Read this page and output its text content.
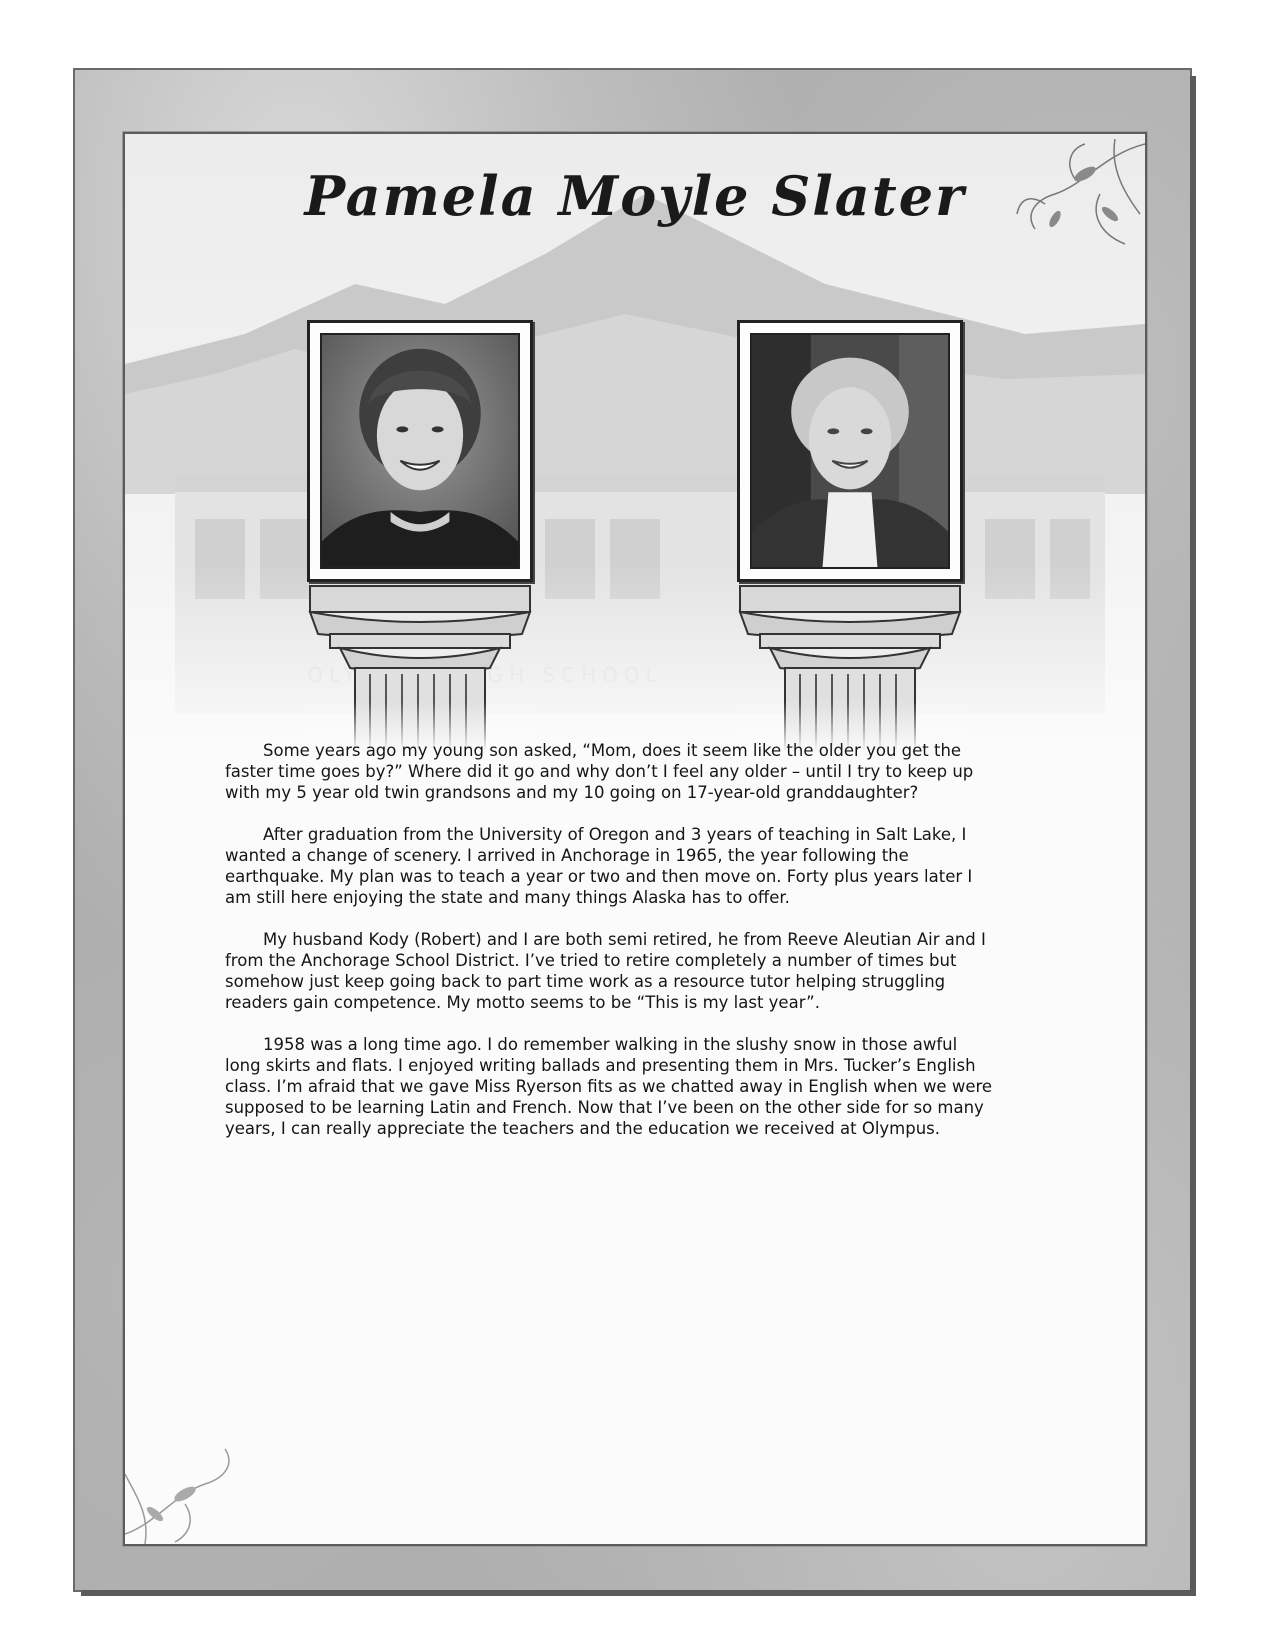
Pamela Moyle Slater

Some years ago my young son asked, “Mom, does it seem like the older you get the faster time goes by?” Where did it go and why don’t I feel any older – until I try to keep up with my 5 year old twin grandsons and my 10 going on 17-year-old granddaughter?

After graduation from the University of Oregon and 3 years of teaching in Salt Lake, I wanted a change of scenery. I arrived in Anchorage in 1965, the year following the earthquake. My plan was to teach a year or two and then move on. Forty plus years later I am still here enjoying the state and many things Alaska has to offer.

My husband Kody (Robert) and I are both semi retired, he from Reeve Aleutian Air and I from the Anchorage School District. I’ve tried to retire completely a number of times but somehow just keep going back to part time work as a resource tutor helping struggling readers gain competence. My motto seems to be “This is my last year”.

1958 was a long time ago. I do remember walking in the slushy snow in those awful long skirts and flats. I enjoyed writing ballads and presenting them in Mrs. Tucker’s English class. I’m afraid that we gave Miss Ryerson fits as we chatted away in English when we were supposed to be learning Latin and French. Now that I’ve been on the other side for so many years, I can really appreciate the teachers and the education we received at Olympus.
